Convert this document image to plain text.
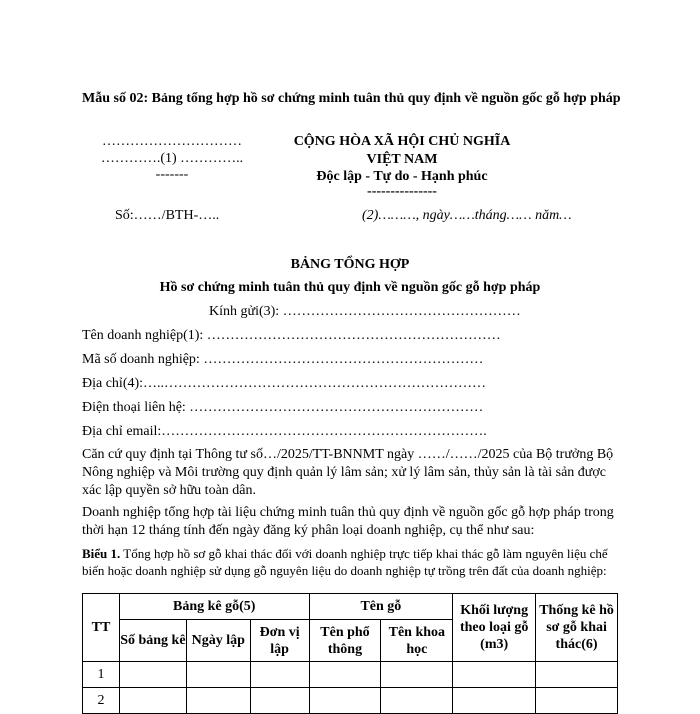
Mẫu số 02: Bảng tổng hợp hồ sơ chứng minh tuân thủ quy định về nguồn gốc gỗ hợp pháp
…………………………
………….(1) …………..
-------
CỘNG HÒA XÃ HỘI CHỦ NGHĨA VIỆT NAM
Độc lập - Tự do - Hạnh phúc
---------------
Số:……/BTH-…..	(2)………, ngày……tháng…… năm…
BẢNG TỔNG HỢP
Hồ sơ chứng minh tuân thủ quy định về nguồn gốc gỗ hợp pháp
Kính gửi(3): ……………………………………………
Tên doanh nghiệp(1): ………………………………………………………
Mã số doanh nghiệp: ……………………………………………………
Địa chỉ(4):…..……………………………………………………………
Điện thoại liên hệ: ………………………………………………………
Địa chỉ email:…………………………………………………………….
Căn cứ quy định tại Thông tư số…/2025/TT-BNNMT ngày ……/……/2025 của Bộ trưởng Bộ Nông nghiệp và Môi trường quy định quản lý lâm sản; xử lý lâm sản, thủy sản là tài sản được xác lập quyền sở hữu toàn dân.
Doanh nghiệp tổng hợp tài liệu chứng minh tuân thủ quy định về nguồn gốc gỗ hợp pháp trong thời hạn 12 tháng tính đến ngày đăng ký phân loại doanh nghiệp, cụ thể như sau:
Biểu 1. Tổng hợp hồ sơ gỗ khai thác đối với doanh nghiệp trực tiếp khai thác gỗ làm nguyên liệu chế biến hoặc doanh nghiệp sử dụng gỗ nguyên liệu do doanh nghiệp tự trồng trên đất của doanh nghiệp:
TT	Bảng kê gỗ(5)			Tên gỗ		Khối lượng theo loại gỗ (m3)	Thống kê hồ sơ gỗ khai thác(6)
	Số bảng kê	Ngày lập	Đơn vị lập	Tên phổ thông	Tên khoa học		
1							
2							
